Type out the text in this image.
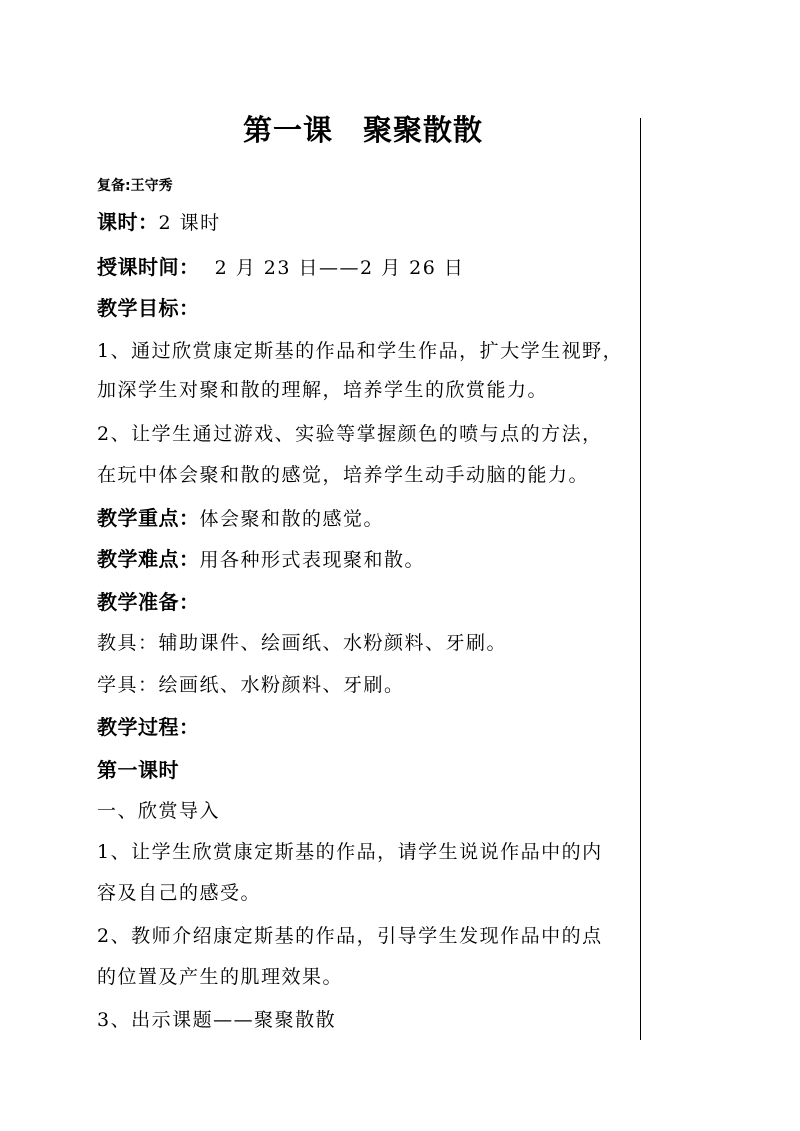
第一课　聚聚散散
复备:王守秀
课时：2 课时
授课时间：  2 月 23 日——2 月 26 日
教学目标：
1、通过欣赏康定斯基的作品和学生作品，扩大学生视野，
加深学生对聚和散的理解，培养学生的欣赏能力。
2、让学生通过游戏、实验等掌握颜色的喷与点的方法，
在玩中体会聚和散的感觉，培养学生动手动脑的能力。
教学重点：体会聚和散的感觉。
教学难点：用各种形式表现聚和散。
教学准备：
教具：辅助课件、绘画纸、水粉颜料、牙刷。
学具：绘画纸、水粉颜料、牙刷。
教学过程：
第一课时
一、欣赏导入
1、让学生欣赏康定斯基的作品，请学生说说作品中的内
容及自己的感受。
2、教师介绍康定斯基的作品，引导学生发现作品中的点
的位置及产生的肌理效果。
3、出示课题——聚聚散散
